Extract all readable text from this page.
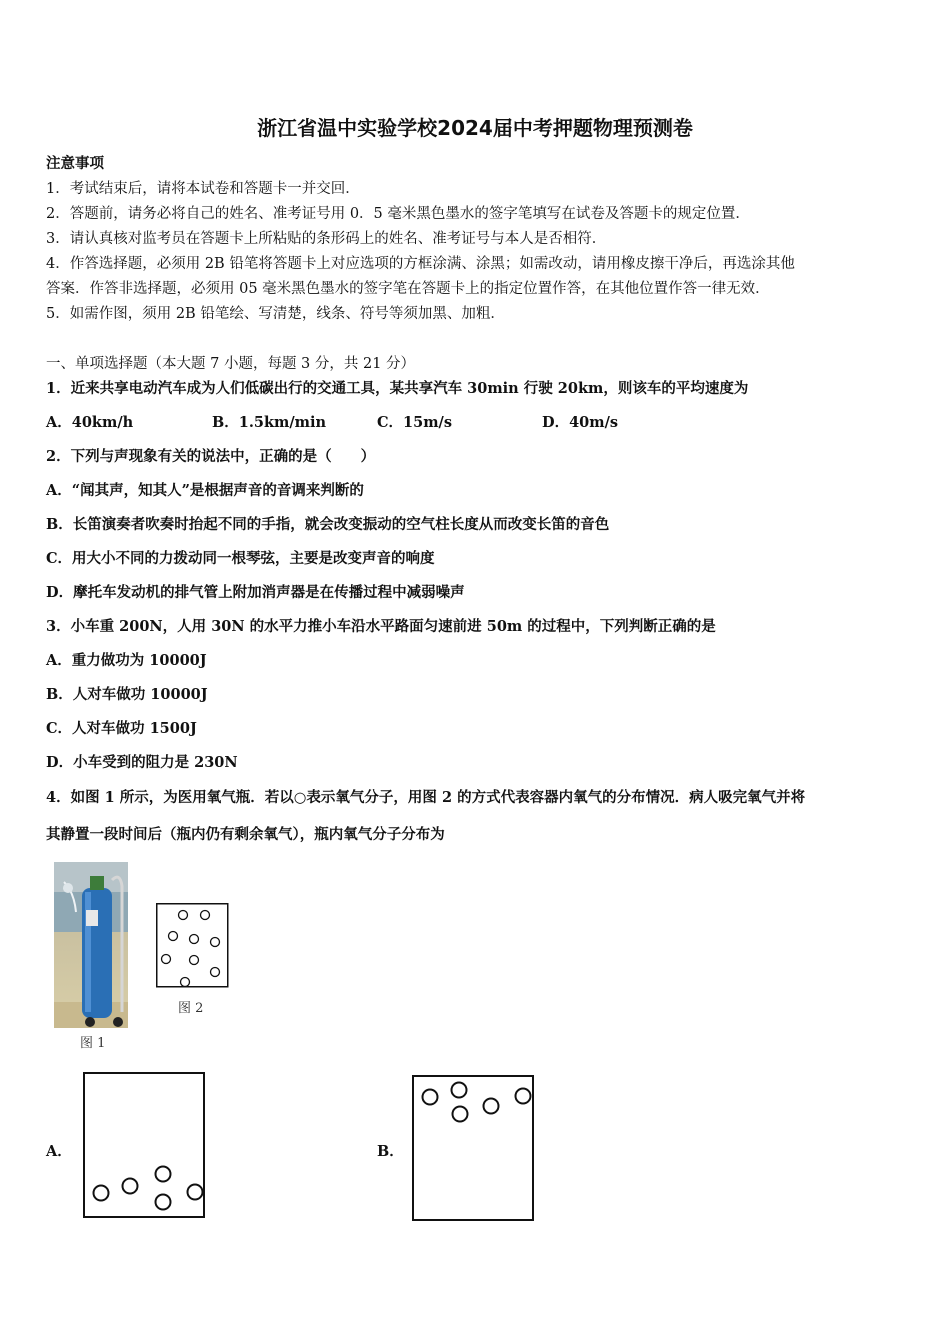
浙江省温中实验学校2024届中考押题物理预测卷
注意事项
1．考试结束后，请将本试卷和答题卡一并交回．
2．答题前，请务必将自己的姓名、准考证号用 0．5 毫米黑色墨水的签字笔填写在试卷及答题卡的规定位置．
3．请认真核对监考员在答题卡上所粘贴的条形码上的姓名、准考证号与本人是否相符．
4．作答选择题，必须用 2B 铅笔将答题卡上对应选项的方框涂满、涂黑；如需改动，请用橡皮擦干净后，再选涂其他
答案．作答非选择题，必须用 05 毫米黑色墨水的签字笔在答题卡上的指定位置作答，在其他位置作答一律无效．
5．如需作图，须用 2B 铅笔绘、写清楚，线条、符号等须加黑、加粗．
一、单项选择题（本大题 7 小题，每题 3 分，共 21 分）
1．近来共享电动汽车成为人们低碳出行的交通工具，某共享汽车 30min 行驶 20km，则该车的平均速度为
A．40km/h	B．1.5km/min	C．15m/s	D．40m/s
2．下列与声现象有关的说法中，正确的是（　　）
A．“闻其声，知其人”是根据声音的音调来判断的
B．长笛演奏者吹奏时抬起不同的手指，就会改变振动的空气柱长度从而改变长笛的音色
C．用大小不同的力拨动同一根琴弦，主要是改变声音的响度
D．摩托车发动机的排气管上附加消声器是在传播过程中减弱噪声
3．小车重 200N，人用 30N 的水平力推小车沿水平路面匀速前进 50m 的过程中，下列判断正确的是
A．重力做功为 10000J
B．人对车做功 10000J
C．人对车做功 1500J
D．小车受到的阻力是 230N
4．如图 1 所示，为医用氧气瓶．若以○表示氧气分子，用图 2 的方式代表容器内氧气的分布情况．病人吸完氧气并将
其静置一段时间后（瓶内仍有剩余氧气），瓶内氧气分子分布为
图 1
图 2
A．	B．
